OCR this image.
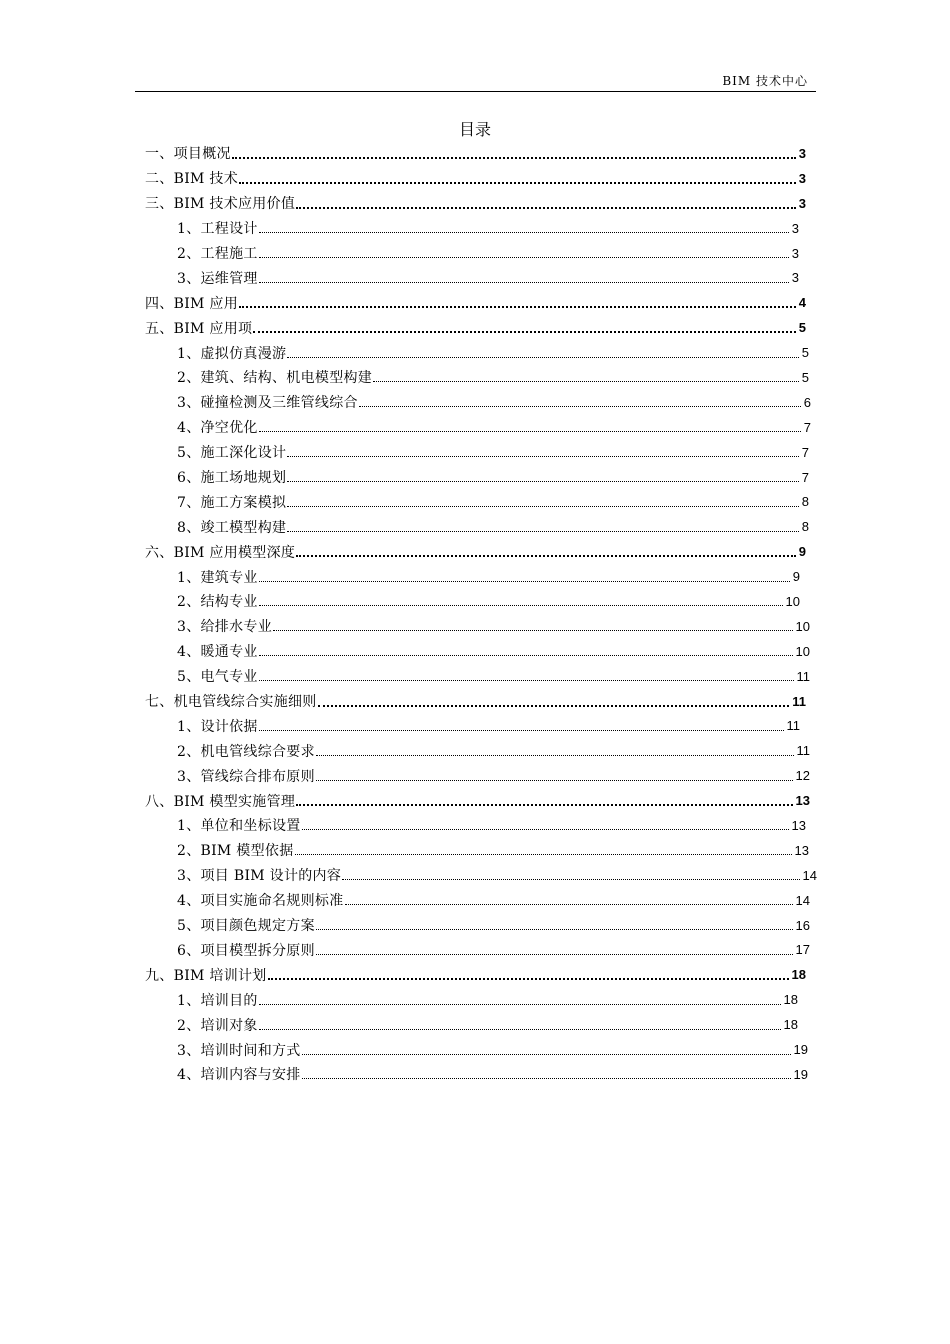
BIM 技术中心
目录
一、项目概况	3
二、BIM 技术	3
三、BIM 技术应用价值	3
1、工程设计	3
2、工程施工	3
3、运维管理	3
四、BIM 应用	4
五、BIM 应用项	5
1、虚拟仿真漫游	5
2、建筑、结构、机电模型构建	5
3、碰撞检测及三维管线综合	6
4、净空优化	7
5、施工深化设计	7
6、施工场地规划	7
7、施工方案模拟	8
8、竣工模型构建	8
六、BIM 应用模型深度	9
1、建筑专业	9
2、结构专业	10
3、给排水专业	10
4、暖通专业	10
5、电气专业	11
七、机电管线综合实施细则	11
1、设计依据	11
2、机电管线综合要求	11
3、管线综合排布原则	12
八、BIM 模型实施管理	13
1、单位和坐标设置	13
2、BIM 模型依据	13
3、项目 BIM 设计的内容	14
4、项目实施命名规则标准	14
5、项目颜色规定方案	16
6、项目模型拆分原则	17
九、BIM 培训计划	18
1、培训目的	18
2、培训对象	18
3、培训时间和方式	19
4、培训内容与安排	19
